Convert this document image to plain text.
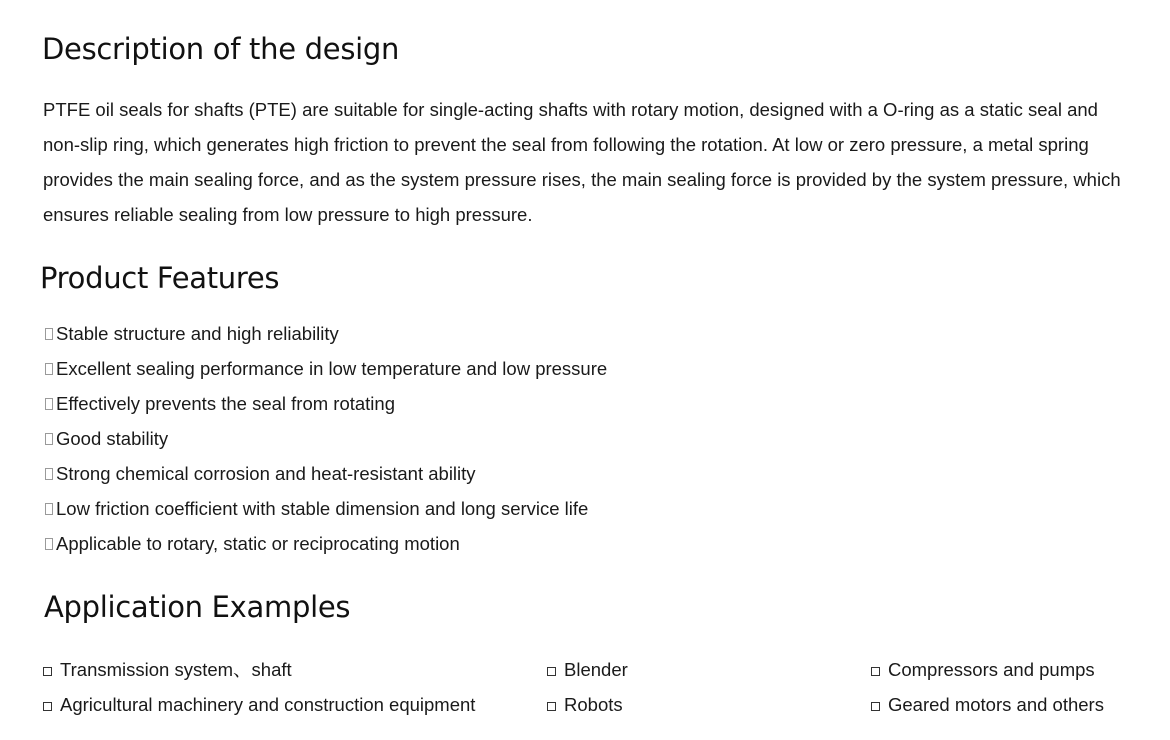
Description of the design

PTFE oil seals for shafts (PTE) are suitable for single-acting shafts with rotary motion, designed with a O-ring as a static seal and non-slip ring, which generates high friction to prevent the seal from following the rotation. At low or zero pressure, a metal spring provides the main sealing force, and as the system pressure rises, the main sealing force is provided by the system pressure, which ensures reliable sealing from low pressure to high pressure.

Product Features
Stable structure and high reliability
Excellent sealing performance in low temperature and low pressure
Effectively prevents the seal from rotating
Good stability
Strong chemical corrosion and heat-resistant ability
Low friction coefficient with stable dimension and long service life
Applicable to rotary, static or reciprocating motion
Application Examples
Transmission system、shaft
Agricultural machinery and construction equipment
Blender
Robots
Compressors and pumps
Geared motors and others
